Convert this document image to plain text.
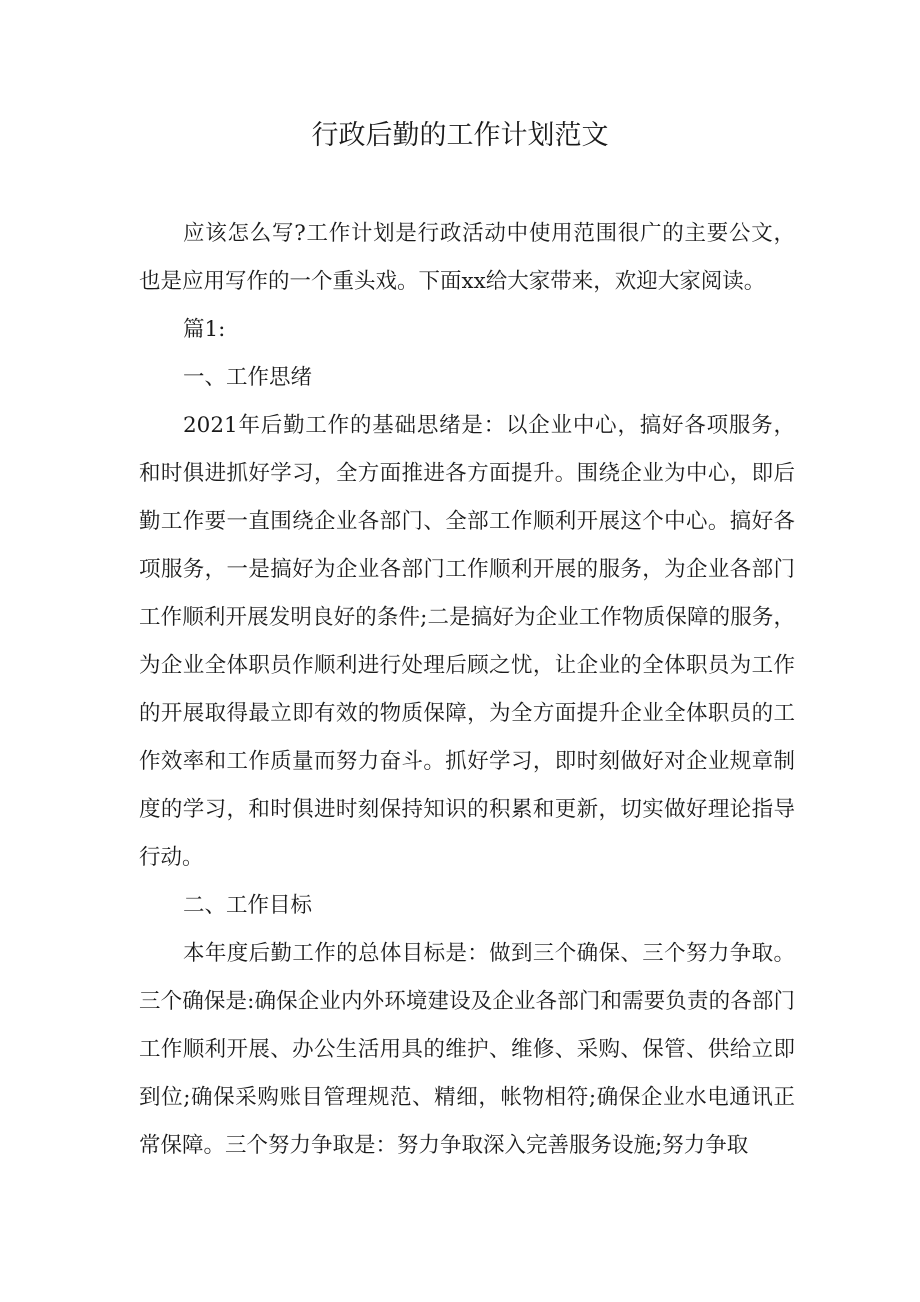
行政后勤的工作计划范文

应该怎么写?工作计划是行政活动中使用范围很广的主要公文，也是应用写作的一个重头戏。下面xx给大家带来，欢迎大家阅读。

篇1:

一、工作思绪

2021年后勤工作的基础思绪是：以企业中心，搞好各项服务，和时俱进抓好学习，全方面推进各方面提升。围绕企业为中心，即后勤工作要一直围绕企业各部门、全部工作顺利开展这个中心。搞好各项服务，一是搞好为企业各部门工作顺利开展的服务，为企业各部门工作顺利开展发明良好的条件;二是搞好为企业工作物质保障的服务，为企业全体职员作顺利进行处理后顾之忧，让企业的全体职员为工作的开展取得最立即有效的物质保障，为全方面提升企业全体职员的工作效率和工作质量而努力奋斗。抓好学习，即时刻做好对企业规章制度的学习，和时俱进时刻保持知识的积累和更新，切实做好理论指导行动。

二、工作目标

本年度后勤工作的总体目标是：做到三个确保、三个努力争取。三个确保是:确保企业内外环境建设及企业各部门和需要负责的各部门工作顺利开展、办公生活用具的维护、维修、采购、保管、供给立即到位;确保采购账目管理规范、精细，帐物相符;确保企业水电通讯正常保障。三个努力争取是：努力争取深入完善服务设施;努力争取
